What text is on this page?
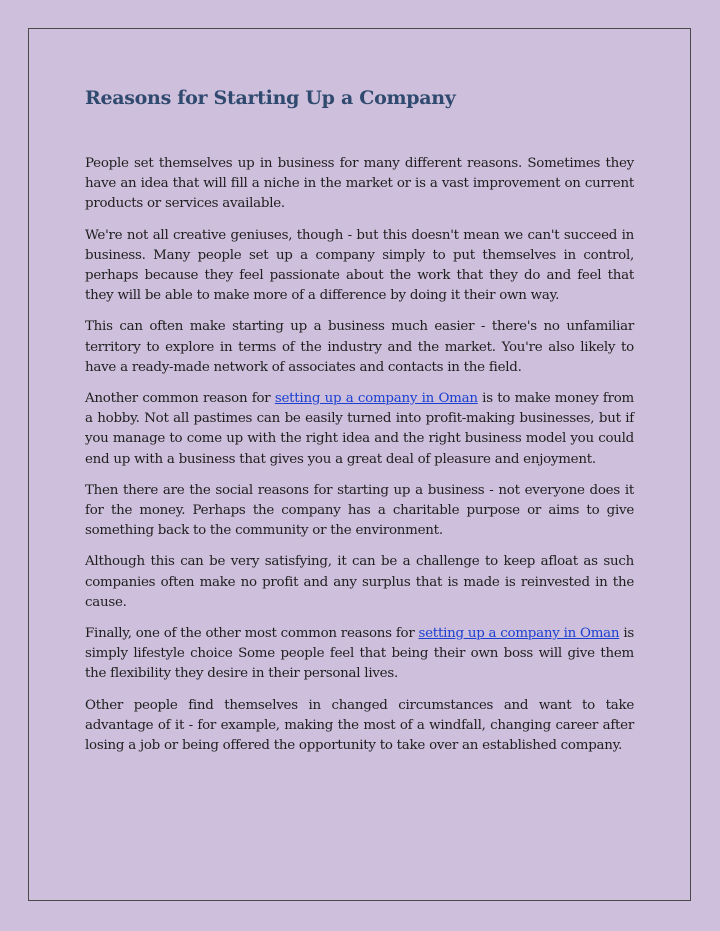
Reasons for Starting Up a Company

People set themselves up in business for many different reasons. Sometimes they have an idea that will fill a niche in the market or is a vast improvement on current products or services available.

We're not all creative geniuses, though - but this doesn't mean we can't succeed in business. Many people set up a company simply to put themselves in control, perhaps because they feel passionate about the work that they do and feel that they will be able to make more of a difference by doing it their own way.

This can often make starting up a business much easier - there's no unfamiliar territory to explore in terms of the industry and the market. You're also likely to have a ready-made network of associates and contacts in the field.

Another common reason for setting up a company in Oman is to make money from a hobby. Not all pastimes can be easily turned into profit-making businesses, but if you manage to come up with the right idea and the right business model you could end up with a business that gives you a great deal of pleasure and enjoyment.

Then there are the social reasons for starting up a business - not everyone does it for the money. Perhaps the company has a charitable purpose or aims to give something back to the community or the environment.

Although this can be very satisfying, it can be a challenge to keep afloat as such companies often make no profit and any surplus that is made is reinvested in the cause.

Finally, one of the other most common reasons for setting up a company in Oman is simply lifestyle choice Some people feel that being their own boss will give them the flexibility they desire in their personal lives.

Other people find themselves in changed circumstances and want to take advantage of it - for example, making the most of a windfall, changing career after losing a job or being offered the opportunity to take over an established company.
